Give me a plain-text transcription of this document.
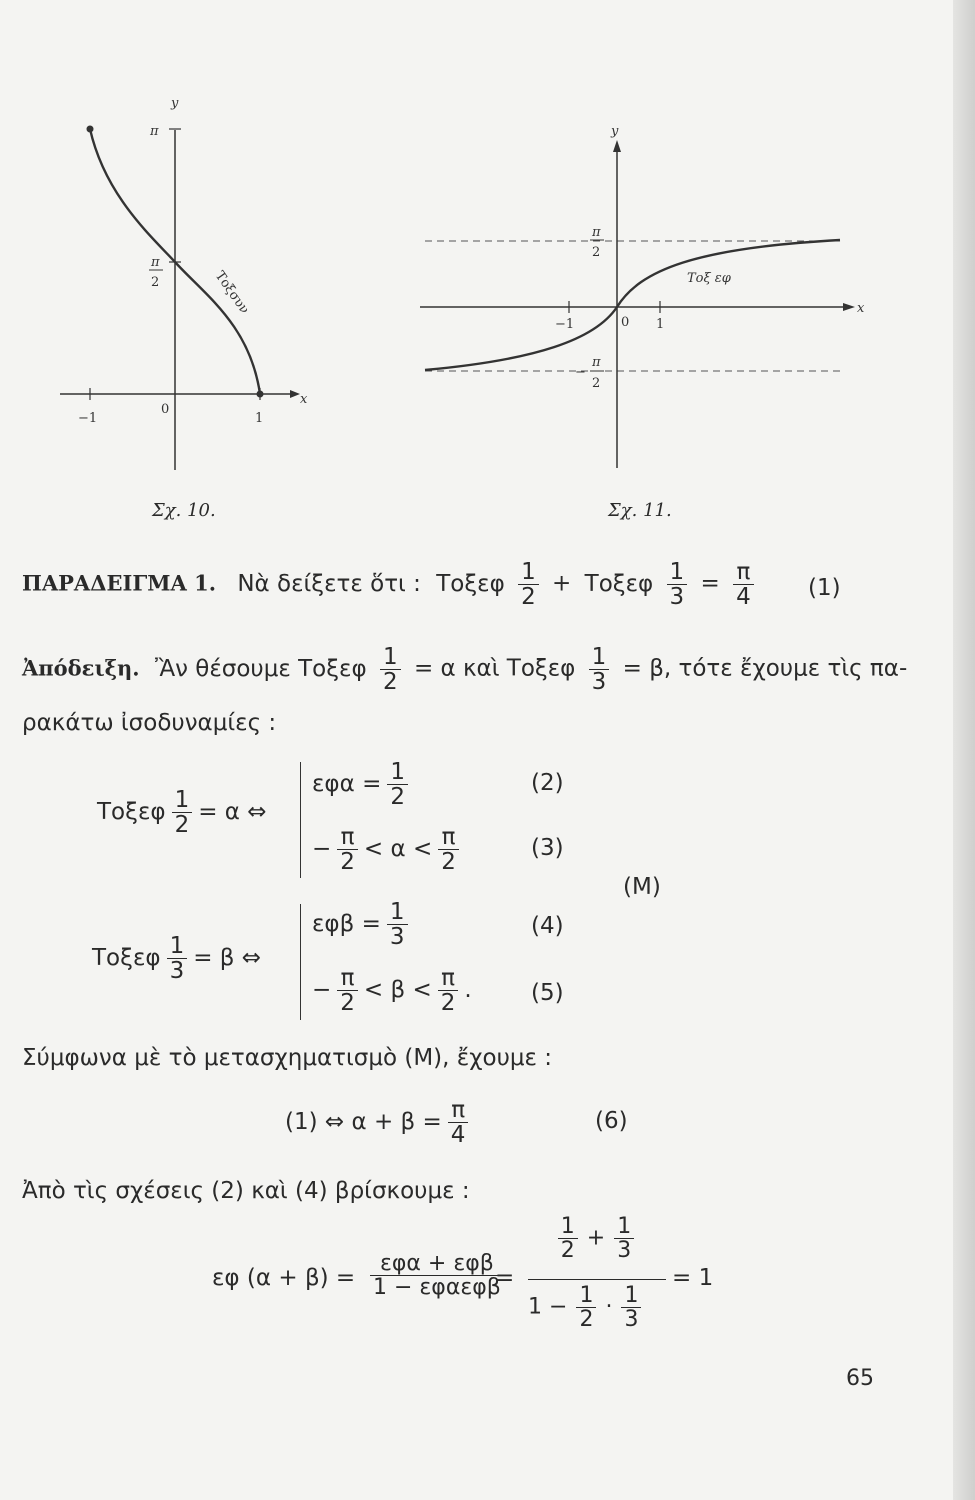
y
x
π
π
2
−1
0
1
Τοξσυν
Σχ. 10.
y
x
π
2
−
π
2
−1	0 1
Τοξ εφ
Σχ. 11.
ΠΑΡΑΔΕΙΓΜΑ 1. Νὰ δείξετε ὅτι : Τοξεφ $\frac{1}{2} + To\xi\varepsilon\varphi \frac{1}{3} = \frac{\pi}{4} (1)$
Ἀπόδειξη. Ἂν θέσουμε Τοξεφ $\frac{1}{2} = \alpha$ καὶ Τοξεφ $\frac{1}{3} = \beta$, τότε ἔχουμε τὶς πα-
ρακάτω ἰσοδυναμίες :
Τοξεφ $\frac{1}{2} = \alpha$ ⇔
$\varepsilon\varphi\alpha = \frac{1}{2}$	(2)
− $\frac{\pi}{2} < \alpha < \frac{\pi}{2}$	(3)
(Μ)
Τοξεφ $\frac{1}{3} = \beta$ ⇔
$\varepsilon\varphi\beta = \frac{1}{3}$	(4)
− $\frac{\pi}{2} < \beta < \frac{\pi}{2}$ .	(5)
Σύμφωνα μὲ τὸ μετασχηματισμὸ (Μ), ἔχουμε :
(1) ⇔ $\alpha + \beta = \frac{\pi}{4}$	(6)
Ἀπὸ τὶς σχέσεις (2) καὶ (4) βρίσκουμε :
εφ $(\alpha + \beta) = \frac{\text{εφα + εφβ}}{\text{1 − εφαεφβ}}$
=
$\frac{1}{2} + \frac{1}{3}$
$1 - \frac{1}{2} \cdot \frac{1}{3}$
= 1
65
